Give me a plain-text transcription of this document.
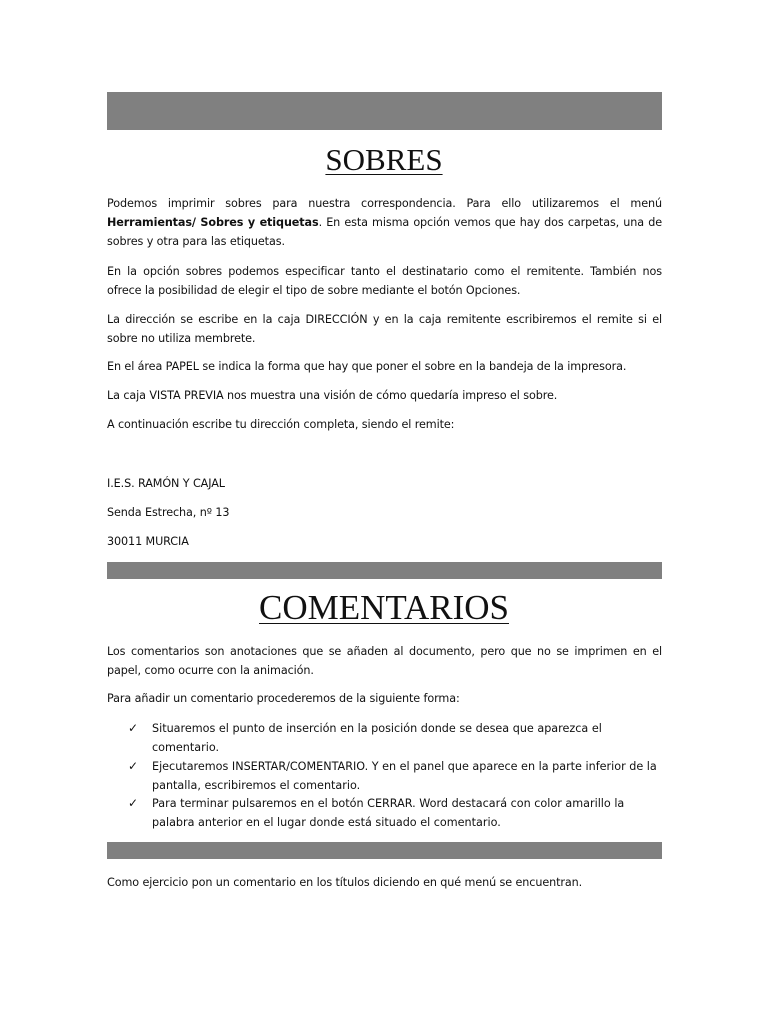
SOBRES

Podemos imprimir sobres para nuestra correspondencia. Para ello utilizaremos el menú Herramientas/ Sobres y etiquetas. En esta misma opción vemos que hay dos carpetas, una de sobres y otra para las etiquetas.

En la opción sobres podemos especificar tanto el destinatario como el remitente. También nos ofrece la posibilidad de elegir el tipo de sobre mediante el botón Opciones.

La dirección se escribe en la caja DIRECCIÓN y en la caja remitente escribiremos el remite si el sobre no utiliza membrete.

En el área PAPEL se indica la forma que hay que poner el sobre en la bandeja de la impresora.

La caja VISTA PREVIA nos muestra una visión de cómo quedaría impreso el sobre.

A continuación escribe tu dirección completa, siendo el remite:

I.E.S. RAMÓN Y CAJAL

Senda Estrecha, nº 13

30011 MURCIA

COMENTARIOS

Los comentarios son anotaciones que se añaden al documento, pero que no se imprimen en el papel, como ocurre con la animación.

Para añadir un comentario procederemos de la siguiente forma:

✓ Situaremos el punto de inserción en la posición donde se desea que aparezca el comentario.
✓ Ejecutaremos INSERTAR/COMENTARIO. Y en el panel que aparece en la parte inferior de la pantalla, escribiremos el comentario.
✓ Para terminar pulsaremos en el botón CERRAR. Word destacará con color amarillo la palabra anterior en el lugar donde está situado el comentario.

Como ejercicio pon un comentario en los títulos diciendo en qué menú se encuentran.
